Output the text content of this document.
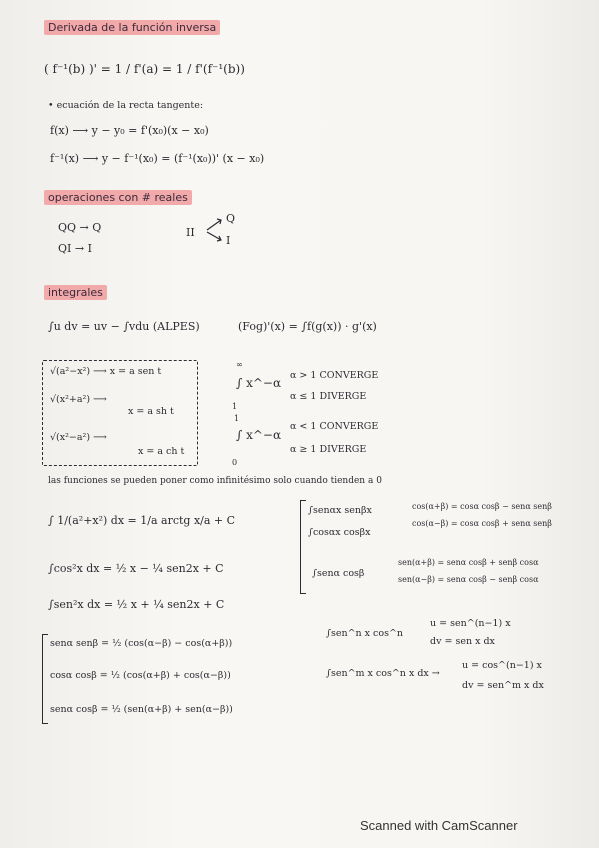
Derivada de la función inversa
( f⁻¹(b) )' = 1 / f'(a) = 1 / f'(f⁻¹(b))
• ecuación de la recta tangente:
f(x) ⟶ y − y₀ = f'(x₀)(x − x₀)
f⁻¹(x) ⟶ y − f⁻¹(x₀) = (f⁻¹(x₀))' (x − x₀)
operaciones con # reales
QQ → Q
QI → I
II
Q
I
integrales
∫u dv = uv − ∫vdu (ALPES)	(Fog)'(x) = ∫f(g(x)) · g'(x)
√(a²−x²) ⟶ x = a sen t
√(x²+a²) ⟶
x = a sh t
√(x²−a²) ⟶
x = a ch t
∞
∫ x^−α
1
α > 1 CONVERGE
α ≤ 1 DIVERGE
1
∫ x^−α
0
α < 1 CONVERGE
α ≥ 1 DIVERGE
las funciones se pueden poner como infinitésimo solo cuando tienden a 0
∫ 1/(a²+x²) dx = 1/a arctg x/a + C
∫cos²x dx = ½ x − ¼ sen2x + C
∫sen²x dx = ½ x + ¼ sen2x + C
∫senαx senβx
∫cosαx cosβx
cos(α+β) = cosα cosβ − senα senβ
cos(α−β) = cosα cosβ + senα senβ
∫senα cosβ
sen(α+β) = senα cosβ + senβ cosα
sen(α−β) = senα cosβ − senβ cosα
senα senβ = ½ (cos(α−β) − cos(α+β))
cosα cosβ = ½ (cos(α+β) + cos(α−β))
senα cosβ = ½ (sen(α+β) + sen(α−β))
∫sen^n x cos^n
u = sen^(n−1) x
dv = sen x dx
∫sen^m x cos^n x dx →
u = cos^(n−1) x
dv = sen^m x dx
Scanned with CamScanner
